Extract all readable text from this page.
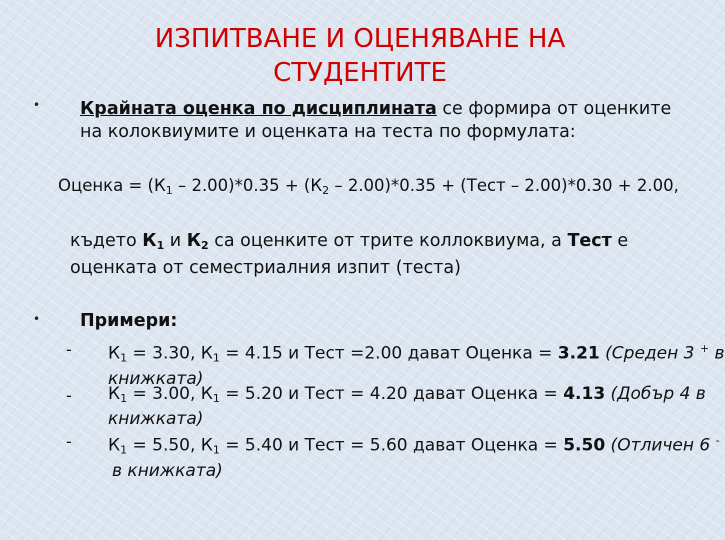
ИЗПИТВАНЕ И ОЦЕНЯВАНЕ НА
СТУДЕНТИТЕ
• Крайната оценка по дисциплината се формира от оценките
на колоквиумите и оценката на теста по формулата:
Оценка = $(К_1 - 2.00)*0.35 + (К_2 - 2.00)*0.35$ + (Тест – 2.00)*0.30 + 2.00,
където $К_1$ и $К_2$ са оценките от трите коллоквиума, а Тест е
оценката от семестриалния изпит (теста)
• Примери:
- $К_1 = 3.30$, $К_1 = 4.15$ и Тест =2.00 дават Оценка = 3.21 (Среден 3 + в
книжката)
- $К_1 = 3.00$, $К_1 = 5.20$ и Тест = 4.20 дават Оценка = 4.13 (Добър 4 в
книжката)
- $К_1 = 5.50$, $К_1 = 5.40$ и Тест = 5.60 дават Оценка = 5.50 (Отличен 6 -
в книжката)
